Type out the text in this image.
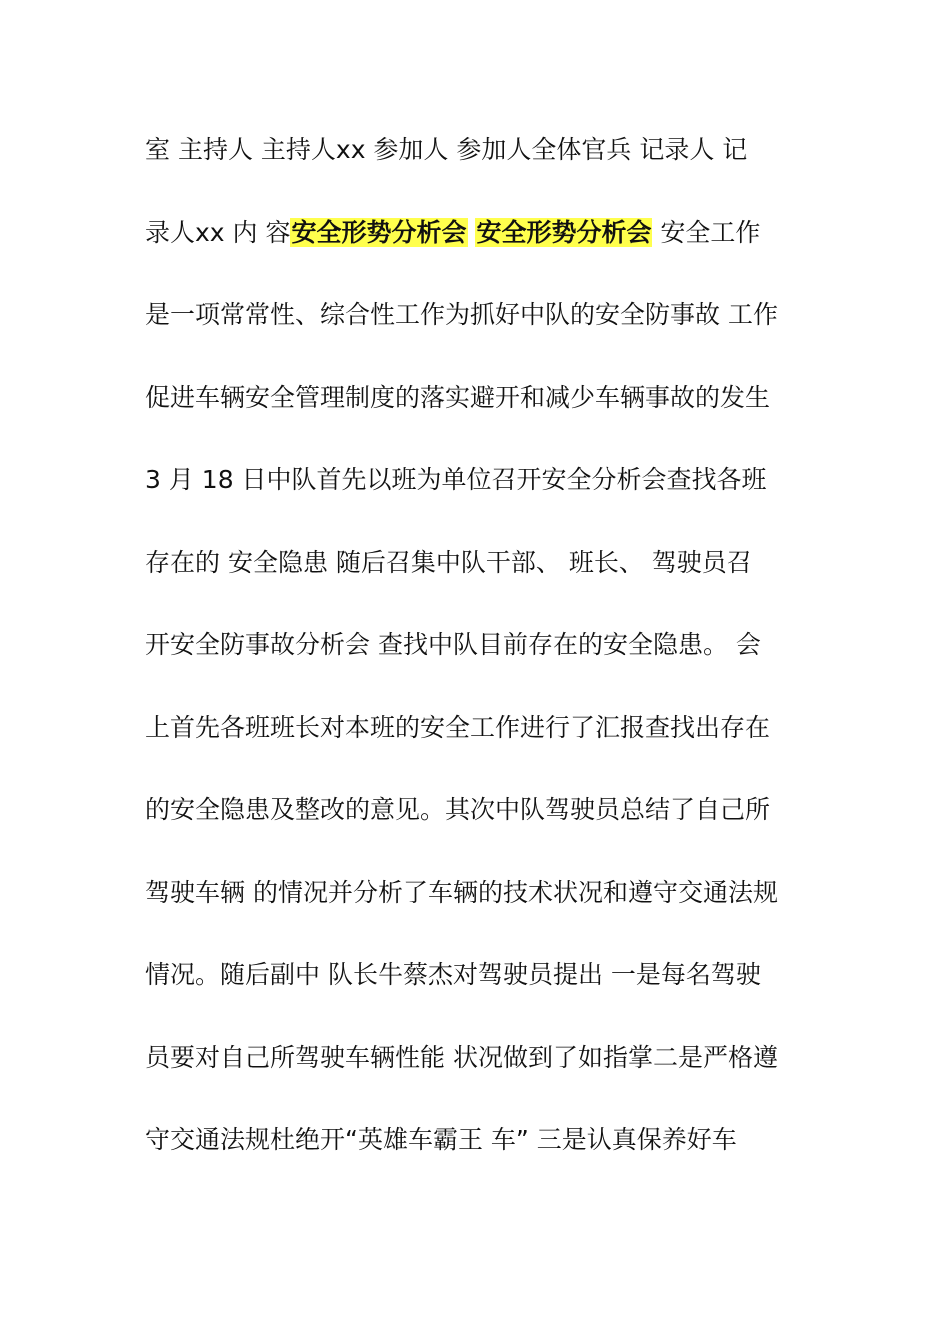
室 主持人 主持人xx 参加人 参加人全体官兵 记录人 记
录人xx 内 容安全形势分析会 安全形势分析会 安全工作
是一项常常性、综合性工作为抓好中队的安全防事故 工作
促进车辆安全管理制度的落实避开和减少车辆事故的发生
3 月 18 日中队首先以班为单位召开安全分析会查找各班
存在的 安全隐患 随后召集中队干部、 班长、 驾驶员召
开安全防事故分析会 查找中队目前存在的安全隐患。 会
上首先各班班长对本班的安全工作进行了汇报查找出存在
的安全隐患及整改的意见。其次中队驾驶员总结了自己所
驾驶车辆 的情况并分析了车辆的技术状况和遵守交通法规
情况。随后副中 队长牛蔡杰对驾驶员提出 一是每名驾驶
员要对自己所驾驶车辆性能 状况做到了如指掌二是严格遵
守交通法规杜绝开“英雄车霸王 车” 三是认真保养好车
